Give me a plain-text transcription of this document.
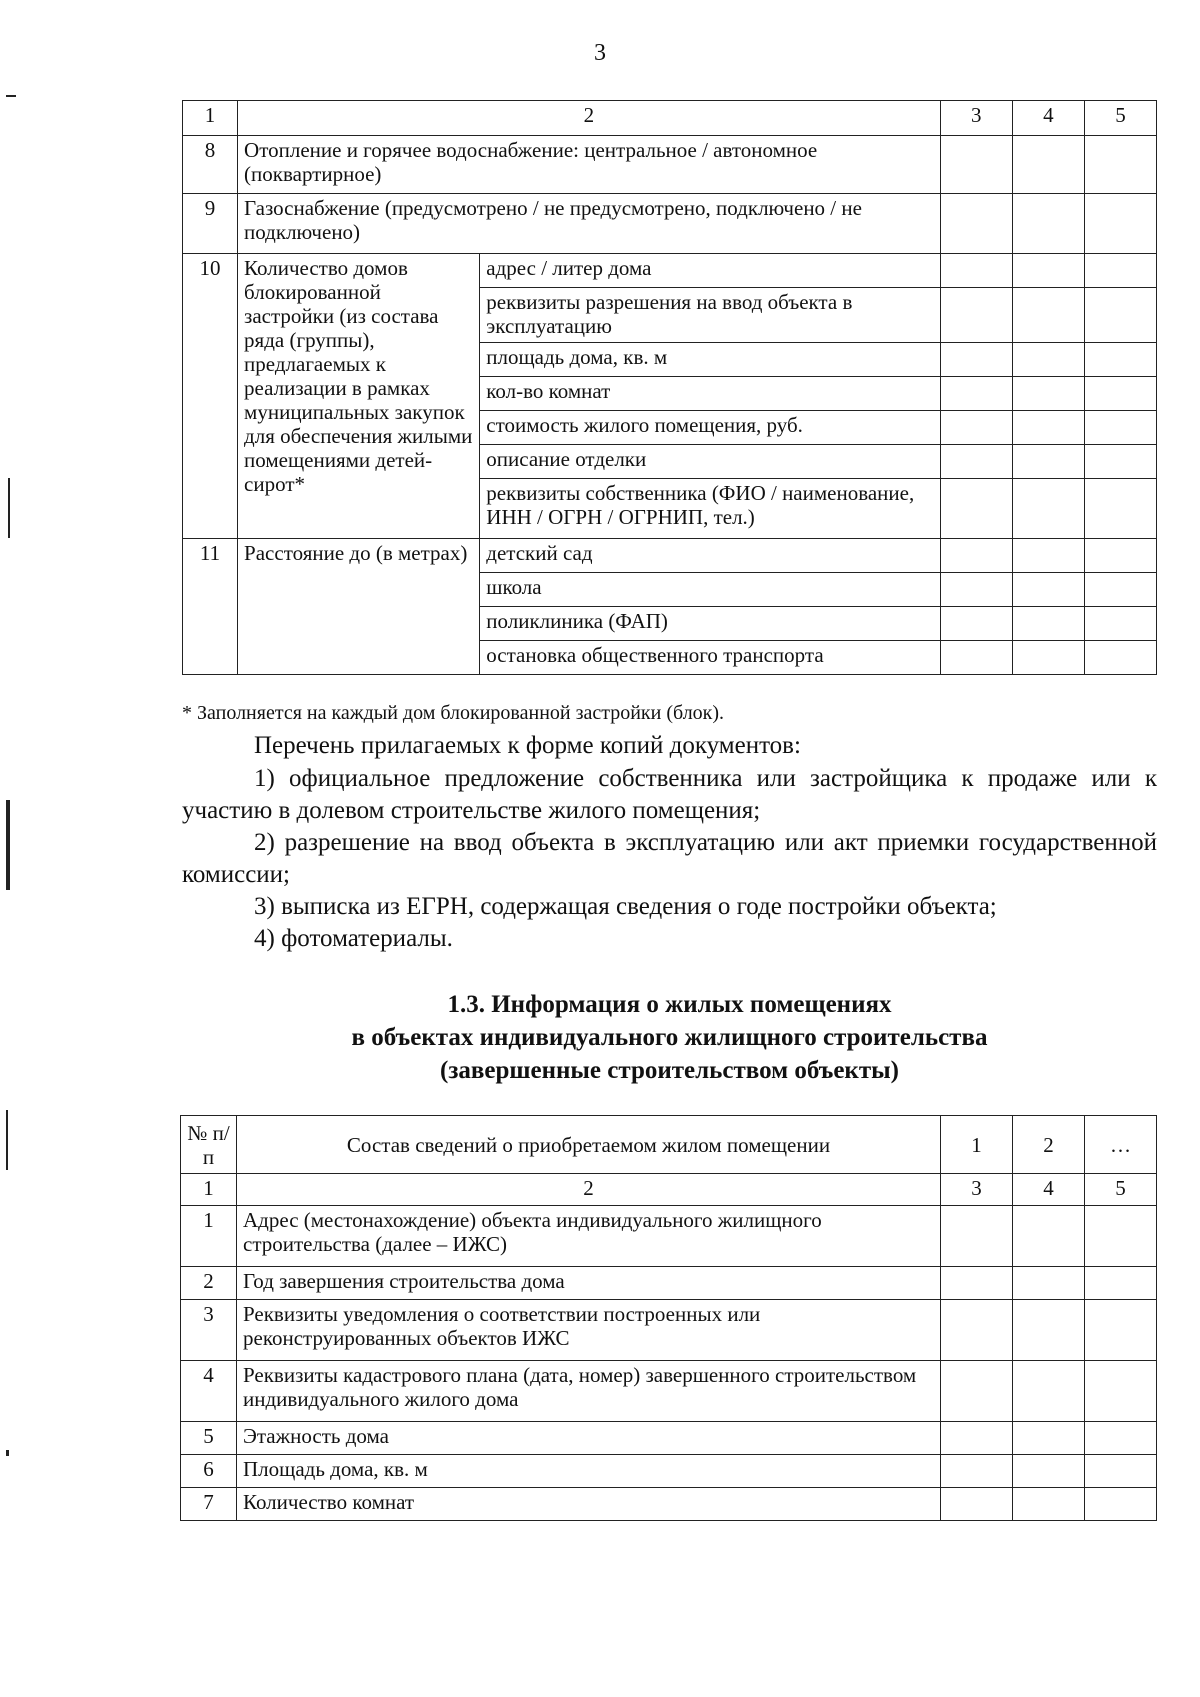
3
1	2		3	4	5
8	Отопление и горячее водоснабжение: центральное / автономное (поквартирное)				
9	Газоснабжение (предусмотрено / не предусмотрено, подключено / не подключено)				
10	Количество домов блокированной застройки (из состава ряда (группы), предлагаемых к реализации в рамках муниципальных закупок для обеспечения жилыми помещениями детей-сирот*	адрес / литер дома			
		реквизиты разрешения на ввод объекта в эксплуатацию			
		площадь дома, кв. м			
		кол-во комнат			
		стоимость жилого помещения, руб.			
		описание отделки			
		реквизиты собственника (ФИО / наименование, ИНН / ОГРН / ОГРНИП, тел.)			
11	Расстояние до (в метрах)	детский сад			
		школа			
		поликлиника (ФАП)			
		остановка общественного транспорта			
* Заполняется на каждый дом блокированной застройки (блок).
Перечень прилагаемых к форме копий документов:
1) официальное предложение собственника или застройщика к продаже или к участию в долевом строительстве жилого помещения;
2) разрешение на ввод объекта в эксплуатацию или акт приемки государственной комиссии;
3) выписка из ЕГРН, содержащая сведения о годе постройки объекта;
4) фотоматериалы.
1.3. Информация о жилых помещениях
в объектах индивидуального жилищного строительства
(завершенные строительством объекты)
№ п/п	Состав сведений о приобретаемом жилом помещении	1	2	…
1	2	3	4	5
1	Адрес (местонахождение) объекта индивидуального жилищного строительства (далее – ИЖС)			
2	Год завершения строительства дома			
3	Реквизиты уведомления о соответствии построенных или реконструированных объектов ИЖС			
4	Реквизиты кадастрового плана (дата, номер) завершенного строительством индивидуального жилого дома			
5	Этажность дома			
6	Площадь дома, кв. м			
7	Количество комнат			
